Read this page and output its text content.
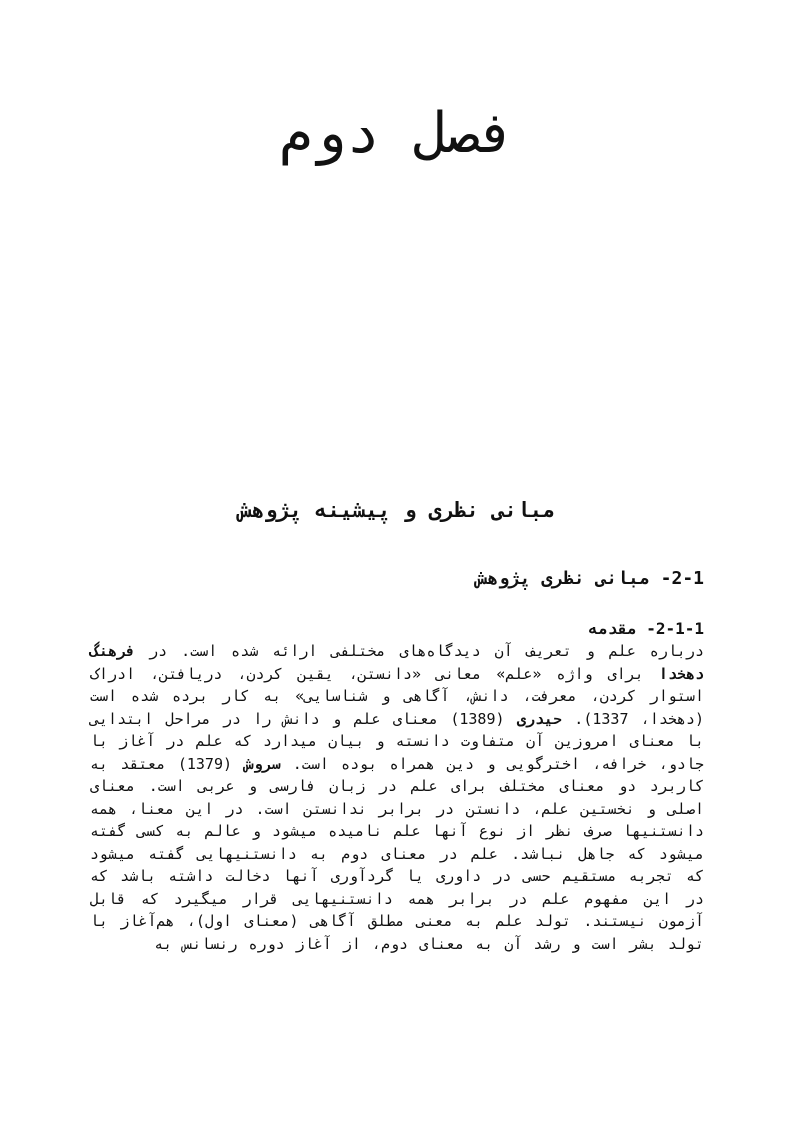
فصل دوم
مبانی نظری و پیشینه پژوهش
2-1- مبانی نظری پژوهش
2-1-1- مقدمه

درباره علم و تعریف آن دیدگاه‌های مختلفی ارائه شده است. در فرهنگ دهخدا برای واژه «علم» معانی «دانستن، یقین کردن، دریافتن، ادراک استوار کردن، معرفت، دانش، آگاهی و شناسایی» به کار برده شده است (دهخدا، 1337). حیدری (1389) معنای علم و دانش را در مراحل ابتدایی با معنای امروزین آن متفاوت دانسته و بیان میدارد که علم در آغاز با جادو، خرافه، اخترگویی و دین همراه بوده است. سروش (1379) معتقد به کاربرد دو معنای مختلف برای علم در زبان فارسی و عربی است. معنای اصلی و نخستین علم، دانستن در برابر ندانستن است. در این معنا، همه دانستنیها صرف نظر از نوع آنها علم نامیده میشود و عالم به کسی گفته میشود که جاهل نباشد. علم در معنای دوم به دانستنیهایی گفته میشود که تجربه مستقیم حسی در داوری یا گردآوری آنها دخالت داشته باشد که در این مفهوم علم در برابر همه دانستنیهایی قرار میگیرد که قابل آزمون نیستند. تولد علم به معنی مطلق آگاهی (معنای اول)، هم‌آغاز با تولد بشر است و رشد آن به معنای دوم، از آغاز دوره رنسانس به
